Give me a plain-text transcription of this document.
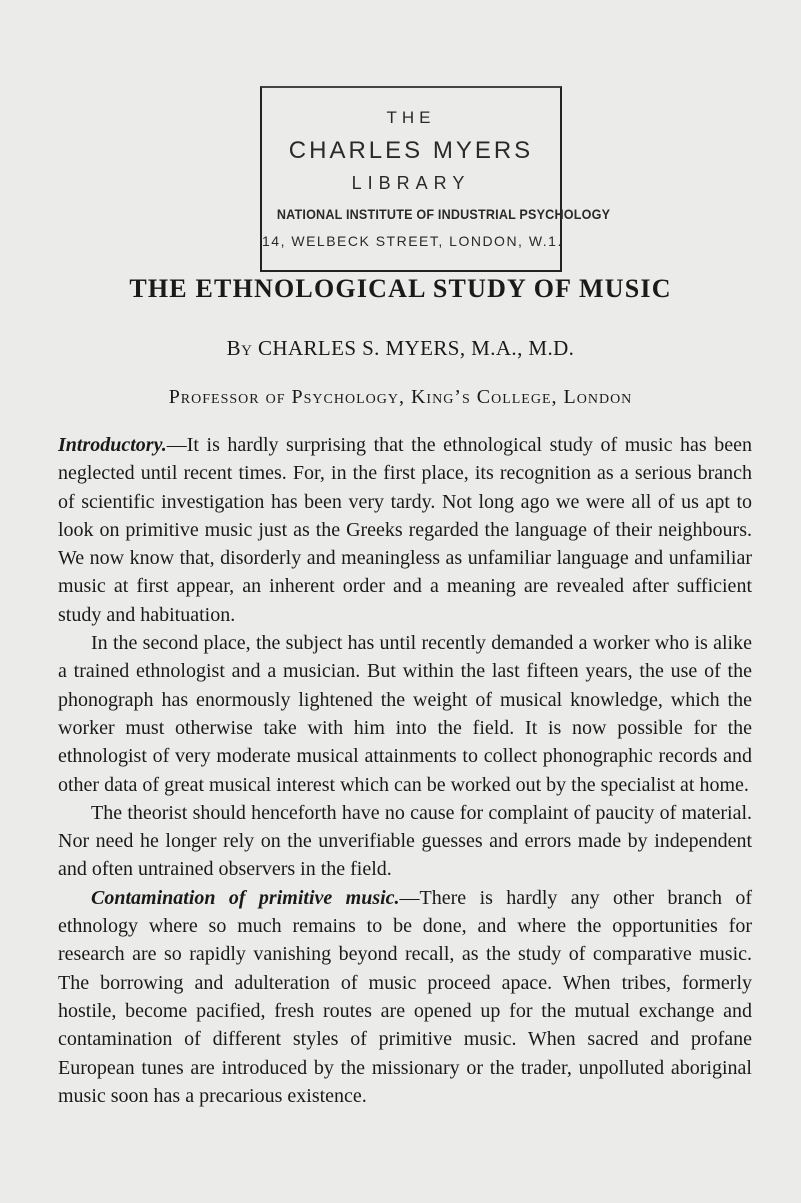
THE
CHARLES MYERS
LIBRARY
NATIONAL INSTITUTE OF INDUSTRIAL PSYCHOLOGY
14, WELBECK STREET, LONDON, W.1.
THE ETHNOLOGICAL STUDY OF MUSIC
By CHARLES S. MYERS, M.A., M.D.
Professor of Psychology, King’s College, London

Introductory.—It is hardly surprising that the ethnological study of music has been neglected until recent times. For, in the first place, its recognition as a serious branch of scientific investigation has been very tardy. Not long ago we were all of us apt to look on primitive music just as the Greeks regarded the language of their neighbours. We now know that, disorderly and meaningless as unfamiliar language and unfamiliar music at first appear, an inherent order and a meaning are revealed after sufficient study and habituation.

In the second place, the subject has until recently demanded a worker who is alike a trained ethnologist and a musician. But within the last fifteen years, the use of the phonograph has enormously lightened the weight of musical knowledge, which the worker must otherwise take with him into the field. It is now possible for the ethnologist of very moderate musical attainments to collect phonographic records and other data of great musical interest which can be worked out by the specialist at home.

The theorist should henceforth have no cause for complaint of paucity of material. Nor need he longer rely on the unverifiable guesses and errors made by independent and often untrained observers in the field.

Contamination of primitive music.—There is hardly any other branch of ethnology where so much remains to be done, and where the opportunities for research are so rapidly vanishing beyond recall, as the study of comparative music. The borrowing and adulteration of music proceed apace. When tribes, formerly hostile, become pacified, fresh routes are opened up for the mutual exchange and contamination of different styles of primitive music. When sacred and profane European tunes are introduced by the missionary or the trader, unpolluted aboriginal music soon has a precarious existence.
